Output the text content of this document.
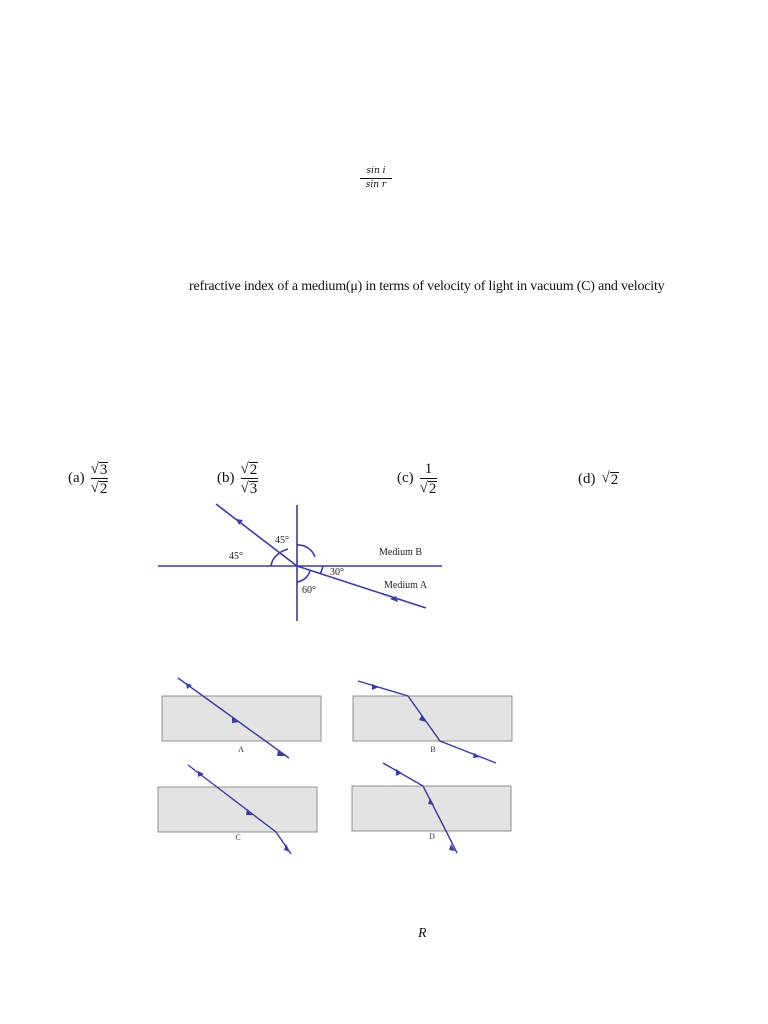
sin i
sin r
refractive index of a medium(μ) in terms of velocity of light in vacuum (C) and velocity
(a)
√ 3
√ 2
(b)
√ 2
√ 3
(c)
1
√ 2
(d) √ 2
45°
45°
30°
60°
Medium B
Medium A
A	B
C	D
R
